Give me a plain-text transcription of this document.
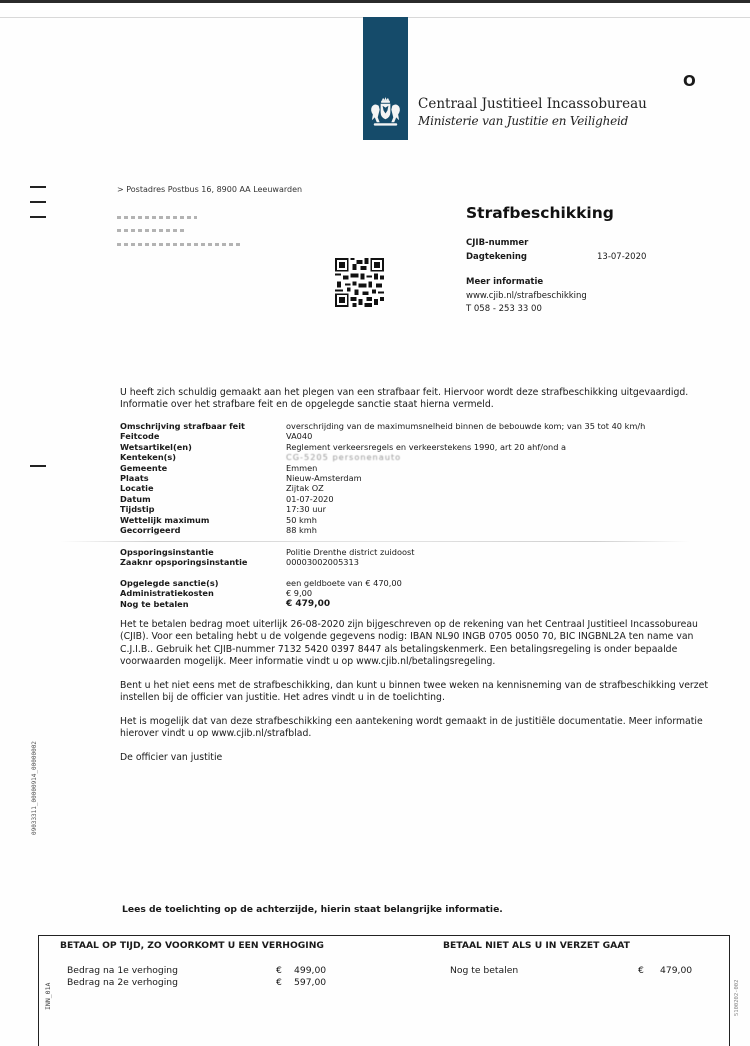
Centraal Justitieel Incassobureau
Ministerie van Justitie en Veiligheid
O
> Postadres Postbus 16, 8900 AA Leeuwarden
Strafbeschikking
CJIB-nummer
Dagtekening	13-07-2020
Meer informatie
www.cjib.nl/strafbeschikking
T 058 - 253 33 00
U heeft zich schuldig gemaakt aan het plegen van een strafbaar feit. Hiervoor wordt deze strafbeschikking uitgevaardigd. Informatie over het strafbare feit en de opgelegde sanctie staat hierna vermeld.
Omschrijving strafbaar feit	overschrijding van de maximumsnelheid binnen de bebouwde kom; van 35 tot 40 km/h
Feitcode	VA040
Wetsartikel(en)	Reglement verkeersregels en verkeerstekens 1990, art 20 ahf/ond a
Kenteken(s)	CG-5205 personenauto
Gemeente	Emmen
Plaats	Nieuw-Amsterdam
Locatie	Zijtak OZ
Datum	01-07-2020
Tijdstip	17:30 uur
Wettelijk maximum	50 kmh
Gecorrigeerd	88 kmh
Opsporingsinstantie	Politie Drenthe district zuidoost
Zaaknr opsporingsinstantie	00003002005313
Opgelegde sanctie(s)	een geldboete van € 470,00
Administratiekosten	€ 9,00
Nog te betalen	€ 479,00
Het te betalen bedrag moet uiterlijk 26-08-2020 zijn bijgeschreven op de rekening van het Centraal Justitieel Incassobureau (CJIB). Voor een betaling hebt u de volgende gegevens nodig: IBAN NL90 INGB 0705 0050 70, BIC INGBNL2A ten name van C.J.I.B.. Gebruik het CJIB-nummer 7132 5420 0397 8447 als betalingskenmerk. Een betalingsregeling is onder bepaalde voorwaarden mogelijk. Meer informatie vindt u op www.cjib.nl/betalingsregeling.
Bent u het niet eens met de strafbeschikking, dan kunt u binnen twee weken na kennisneming van de strafbeschikking verzet instellen bij de officier van justitie. Het adres vindt u in de toelichting.
Het is mogelijk dat van deze strafbeschikking een aantekening wordt gemaakt in de justitiële documentatie. Meer informatie hierover vindt u op www.cjib.nl/strafblad.
De officier van justitie
09033311_00000914_00000002
Lees de toelichting op de achterzijde, hierin staat belangrijke informatie.
INN_01A
BETAAL OP TIJD, ZO VOORKOMT U EEN VERHOGING	BETAAL NIET ALS U IN VERZET GAAT
Bedrag na 1e verhoging	€ 499,00
Bedrag na 2e verhoging	€ 597,00
Nog te betalen	€ 479,00
5100202-002
